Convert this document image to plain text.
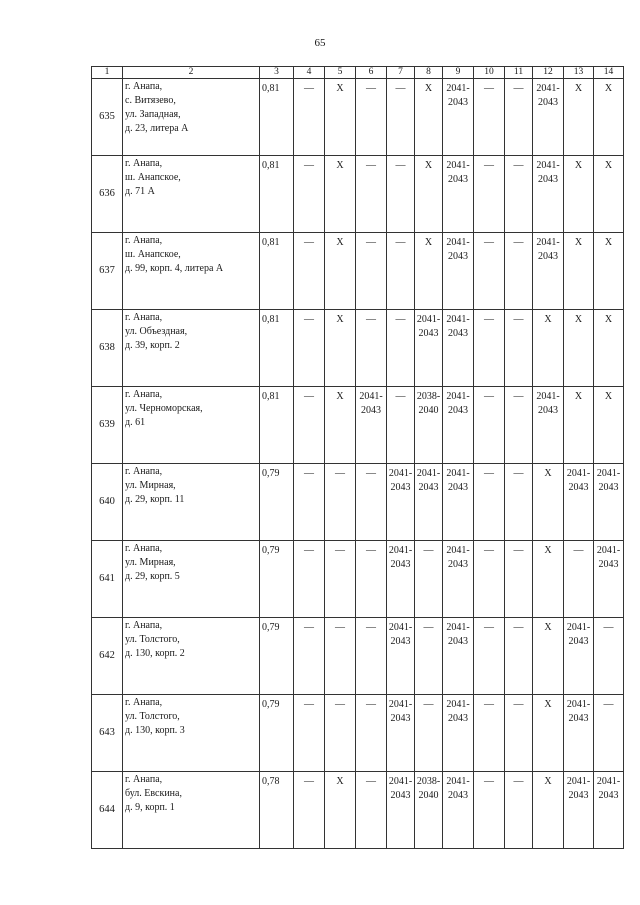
65
1	2	3	4	5	6	7	8	9	10	11	12	13	14
635	г. Анапа,
с. Витязево,
ул. Западная,
д. 23, литера А	0,81	—	X	—	—	X	2041-
2043	—	—	2041-
2043	X	X
636	г. Анапа,
ш. Анапское,
д. 71 А	0,81	—	X	—	—	X	2041-
2043	—	—	2041-
2043	X	X
637	г. Анапа,
ш. Анапское,
д. 99, корп. 4, литера А	0,81	—	X	—	—	X	2041-
2043	—	—	2041-
2043	X	X
638	г. Анапа,
ул. Объездная,
д. 39, корп. 2	0,81	—	X	—	—	2041-
2043	2041-
2043	—	—	X	X	X
639	г. Анапа,
ул. Черноморская,
д. 61	0,81	—	X	2041-
2043	—	2038-
2040	2041-
2043	—	—	2041-
2043	X	X
640	г. Анапа,
ул. Мирная,
д. 29, корп. 11	0,79	—	—	—	2041-
2043	2041-
2043	2041-
2043	—	—	X	2041-
2043	2041-
2043

641	г. Анапа,
ул. Мирная,
д. 29, корп. 5	0,79	—	—	—	2041-
2043	—	2041-
2043	—	—	X	—	2041-
2043

642	г. Анапа,
ул. Толстого,
д. 130, корп. 2	0,79	—	—	—	2041-
2043	—	2041-
2043	—	—	X	2041-
2043	—
643	г. Анапа,
ул. Толстого,
д. 130, корп. 3	0,79	—	—	—	2041-
2043	—	2041-
2043	—	—	X	2041-
2043	—
644	г. Анапа,
бул. Евскина,
д. 9, корп. 1	0,78	—	X	—	2041-
2043	2038-
2040	2041-
2043	—	—	X	2041-
2043	2041-
2043
